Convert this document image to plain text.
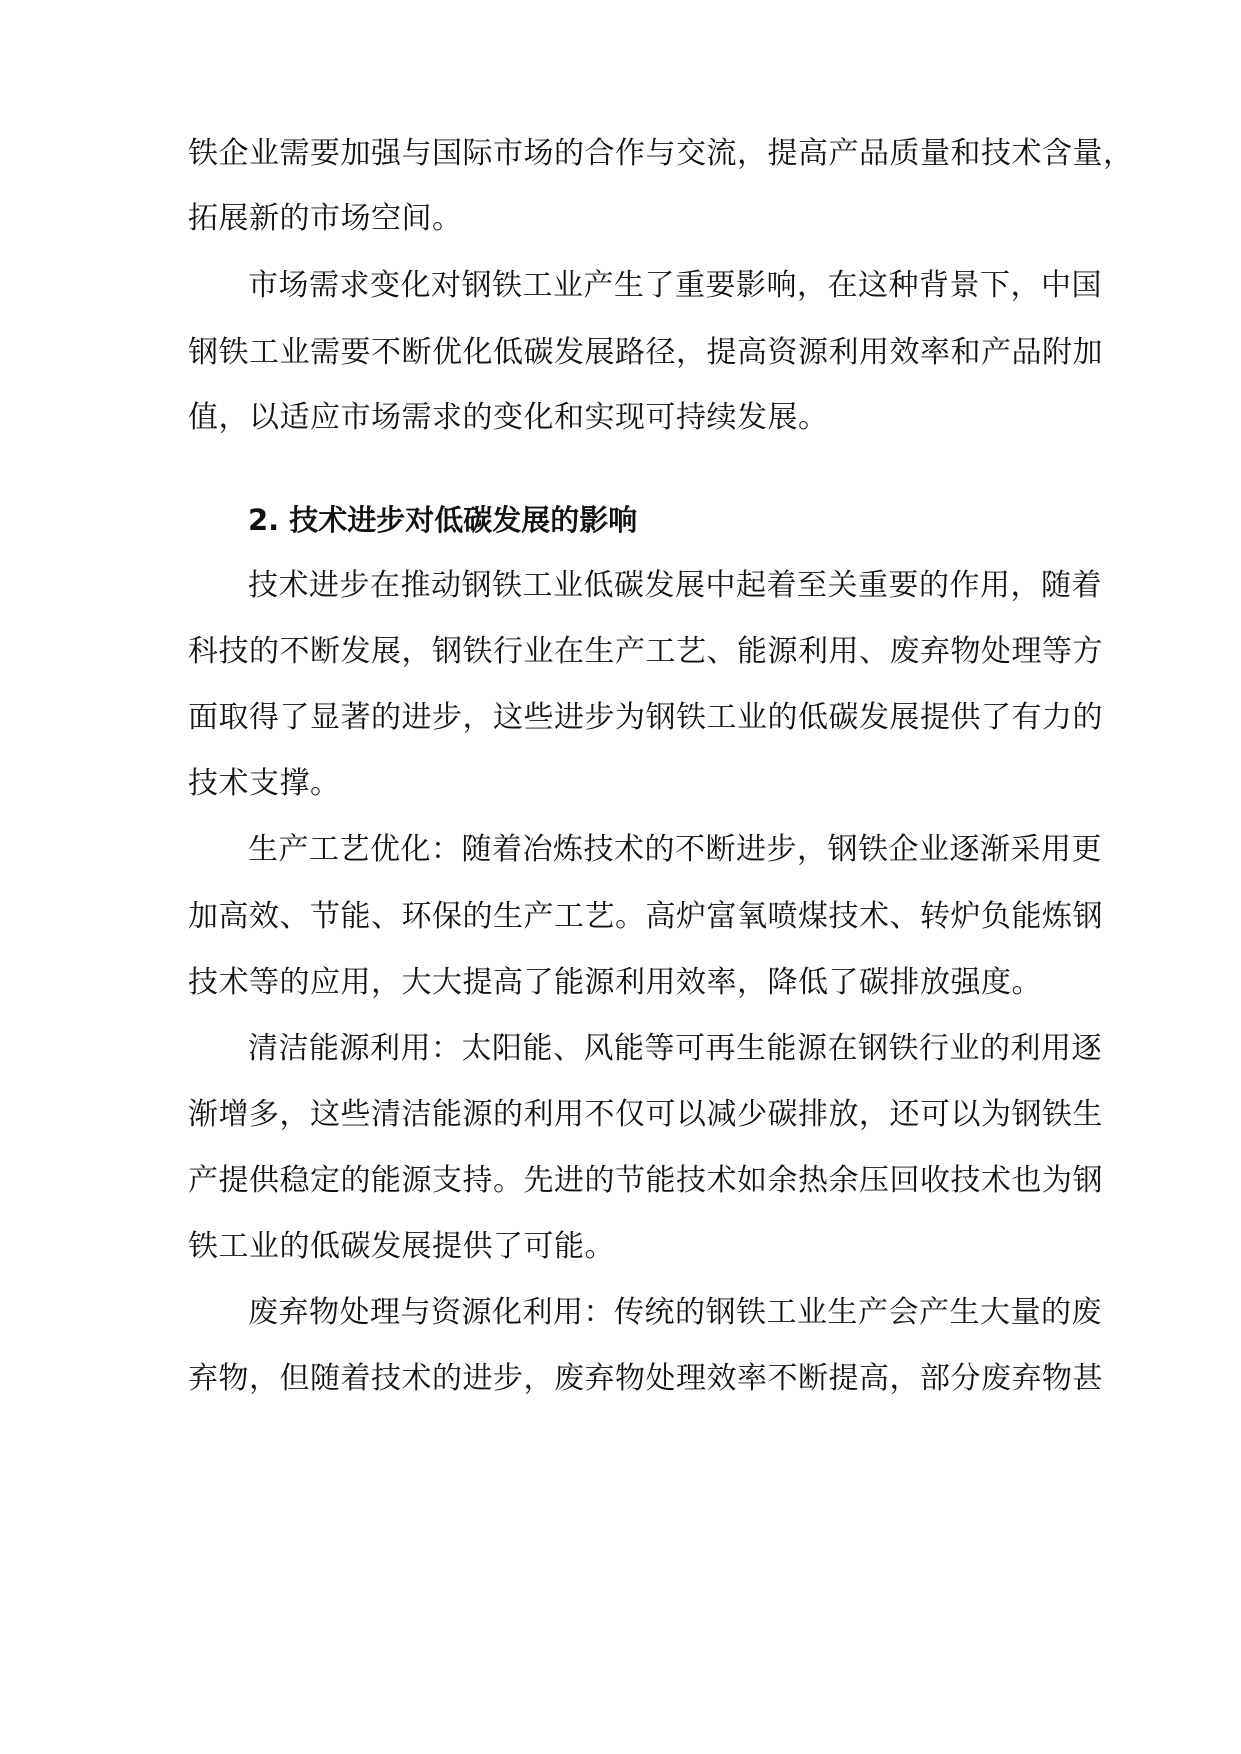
铁企业需要加强与国际市场的合作与交流，提高产品质量和技术含量，
拓展新的市场空间。
市场需求变化对钢铁工业产生了重要影响，在这种背景下，中国
钢铁工业需要不断优化低碳发展路径，提高资源利用效率和产品附加
值，以适应市场需求的变化和实现可持续发展。
2. 技术进步对低碳发展的影响
技术进步在推动钢铁工业低碳发展中起着至关重要的作用，随着
科技的不断发展，钢铁行业在生产工艺、能源利用、废弃物处理等方
面取得了显著的进步，这些进步为钢铁工业的低碳发展提供了有力的
技术支撑。
生产工艺优化：随着冶炼技术的不断进步，钢铁企业逐渐采用更
加高效、节能、环保的生产工艺。高炉富氧喷煤技术、转炉负能炼钢
技术等的应用，大大提高了能源利用效率，降低了碳排放强度。
清洁能源利用：太阳能、风能等可再生能源在钢铁行业的利用逐
渐增多，这些清洁能源的利用不仅可以减少碳排放，还可以为钢铁生
产提供稳定的能源支持。先进的节能技术如余热余压回收技术也为钢
铁工业的低碳发展提供了可能。
废弃物处理与资源化利用：传统的钢铁工业生产会产生大量的废
弃物，但随着技术的进步，废弃物处理效率不断提高，部分废弃物甚
